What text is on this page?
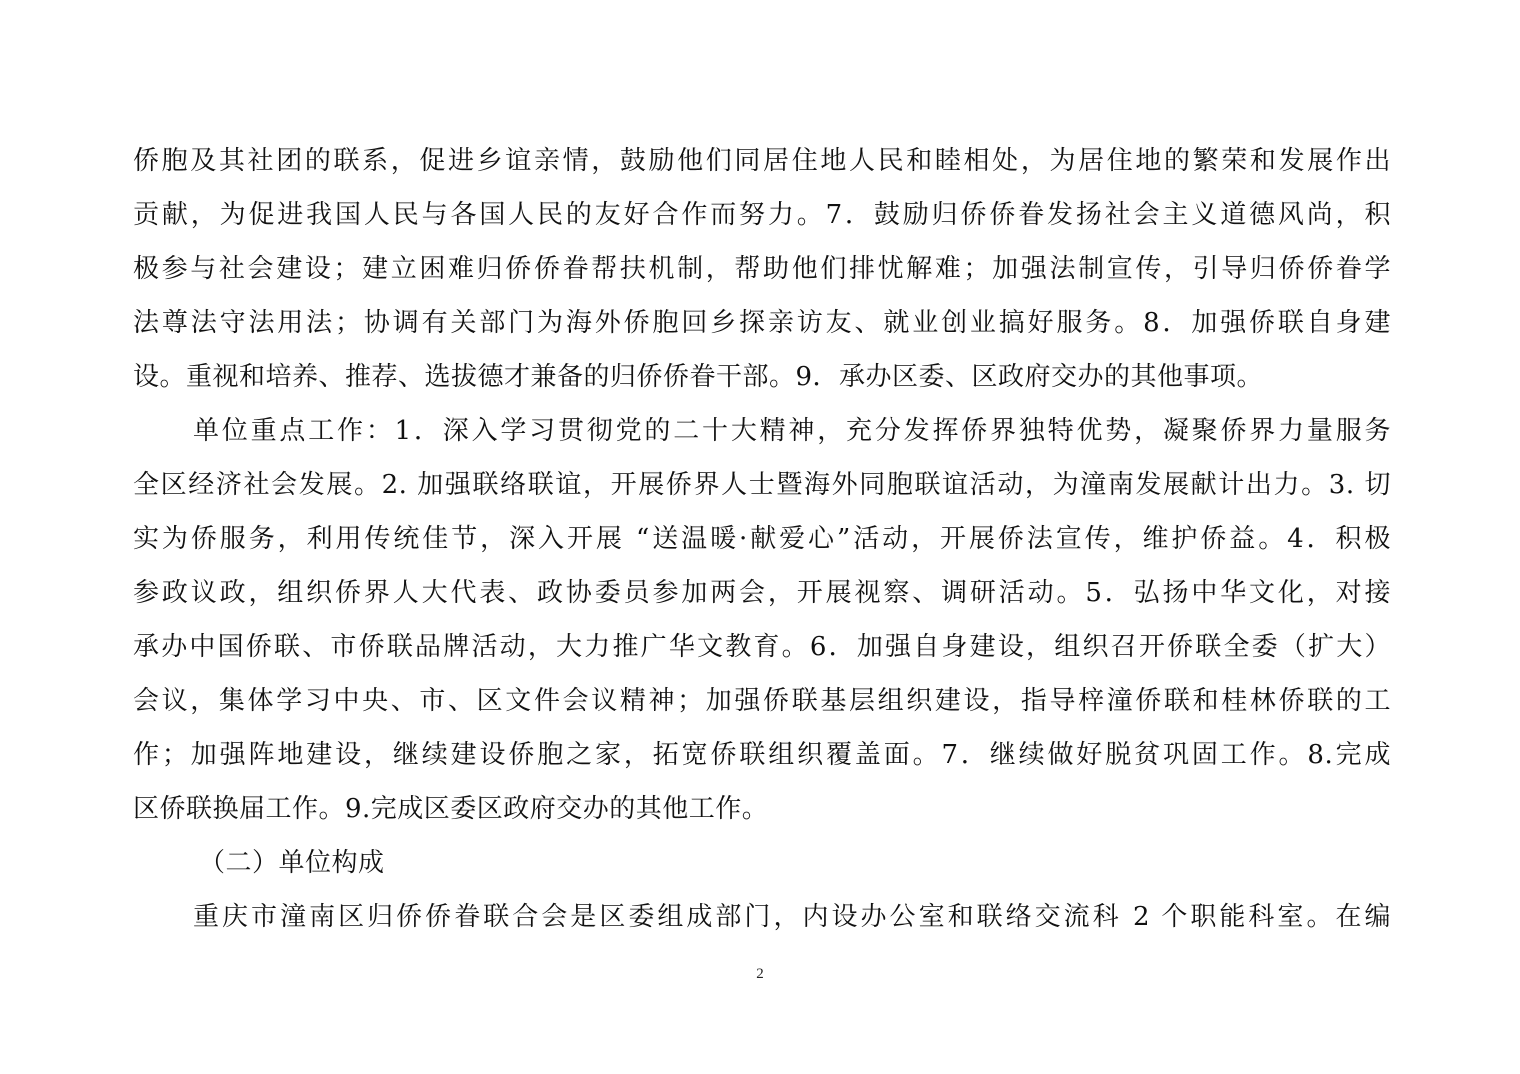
侨胞及其社团的联系，促进乡谊亲情，鼓励他们同居住地人民和睦相处，为居住地的繁荣和发展作出
贡献，为促进我国人民与各国人民的友好合作而努力。7．鼓励归侨侨眷发扬社会主义道德风尚，积
极参与社会建设；建立困难归侨侨眷帮扶机制，帮助他们排忧解难；加强法制宣传，引导归侨侨眷学
法尊法守法用法；协调有关部门为海外侨胞回乡探亲访友、就业创业搞好服务。8．加强侨联自身建
设。重视和培养、推荐、选拔德才兼备的归侨侨眷干部。9．承办区委、区政府交办的其他事项。
单位重点工作：1．深入学习贯彻党的二十大精神，充分发挥侨界独特优势，凝聚侨界力量服务
全区经济社会发展。2. 加强联络联谊，开展侨界人士暨海外同胞联谊活动，为潼南发展献计出力。3. 切
实为侨服务，利用传统佳节，深入开展 “送温暖·献爱心”活动，开展侨法宣传，维护侨益。4．积极
参政议政，组织侨界人大代表、政协委员参加两会，开展视察、调研活动。5．弘扬中华文化，对接
承办中国侨联、市侨联品牌活动，大力推广华文教育。6．加强自身建设，组织召开侨联全委（扩大）
会议，集体学习中央、市、区文件会议精神；加强侨联基层组织建设，指导梓潼侨联和桂林侨联的工
作；加强阵地建设，继续建设侨胞之家，拓宽侨联组织覆盖面。7．继续做好脱贫巩固工作。8.完成
区侨联换届工作。9.完成区委区政府交办的其他工作。
（二）单位构成
重庆市潼南区归侨侨眷联合会是区委组成部门，内设办公室和联络交流科 2 个职能科室。在编
2
